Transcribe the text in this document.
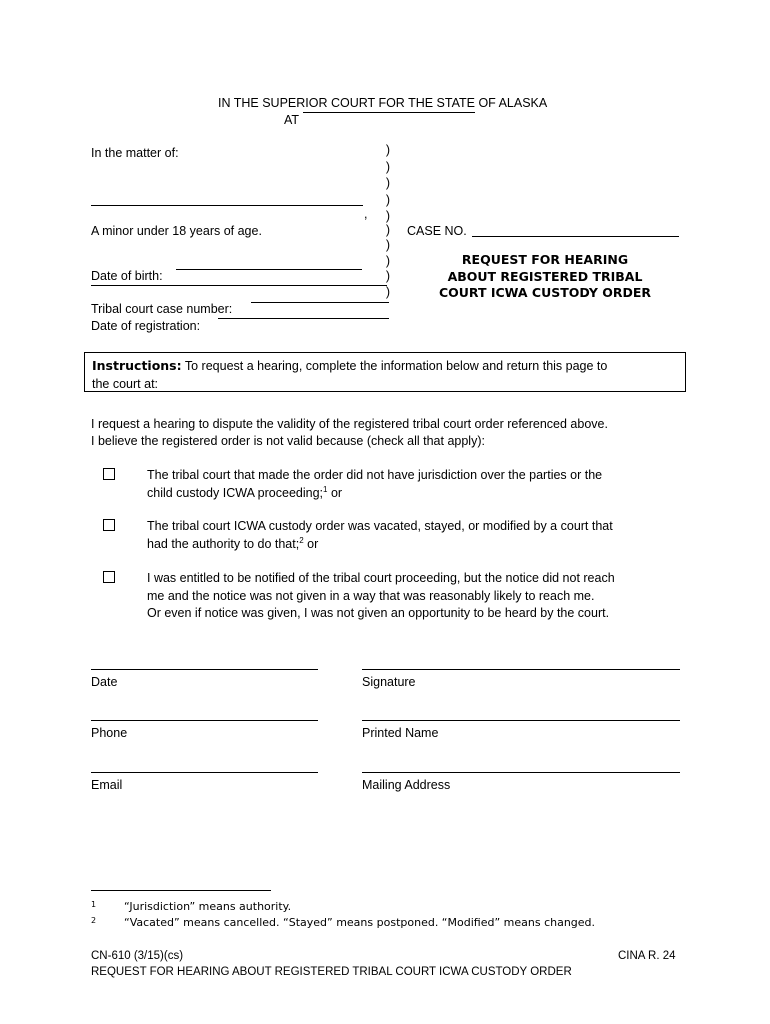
IN THE SUPERIOR COURT FOR THE STATE OF ALASKA
AT
In the matter of:
,
A minor under 18 years of age.
Date of birth:
Tribal court case number:
Date of registration:
)
)
)
)
)
)
)
)
)
)
CASE NO.
REQUEST FOR HEARING
ABOUT REGISTERED TRIBAL
COURT ICWA CUSTODY ORDER
Instructions: To request a hearing, complete the information below and return this page to
the court at:
I request a hearing to dispute the validity of the registered tribal court order referenced above.
I believe the registered order is not valid because (check all that apply):
The tribal court that made the order did not have jurisdiction over the parties or the
child custody ICWA proceeding;$^1$ or
The tribal court ICWA custody order was vacated, stayed, or modified by a court that
had the authority to do that;$^2$ or
I was entitled to be notified of the tribal court proceeding, but the notice did not reach
me and the notice was not given in a way that was reasonably likely to reach me.
Or even if notice was given, I was not given an opportunity to be heard by the court.
Date	Signature
Phone	Printed Name
Email	Mailing Address
1	“Jurisdiction” means authority.
2	“Vacated” means cancelled. “Stayed” means postponed. “Modified” means changed.
CN-610 (3/15)(cs)	CINA R. 24
REQUEST FOR HEARING ABOUT REGISTERED TRIBAL COURT ICWA CUSTODY ORDER
